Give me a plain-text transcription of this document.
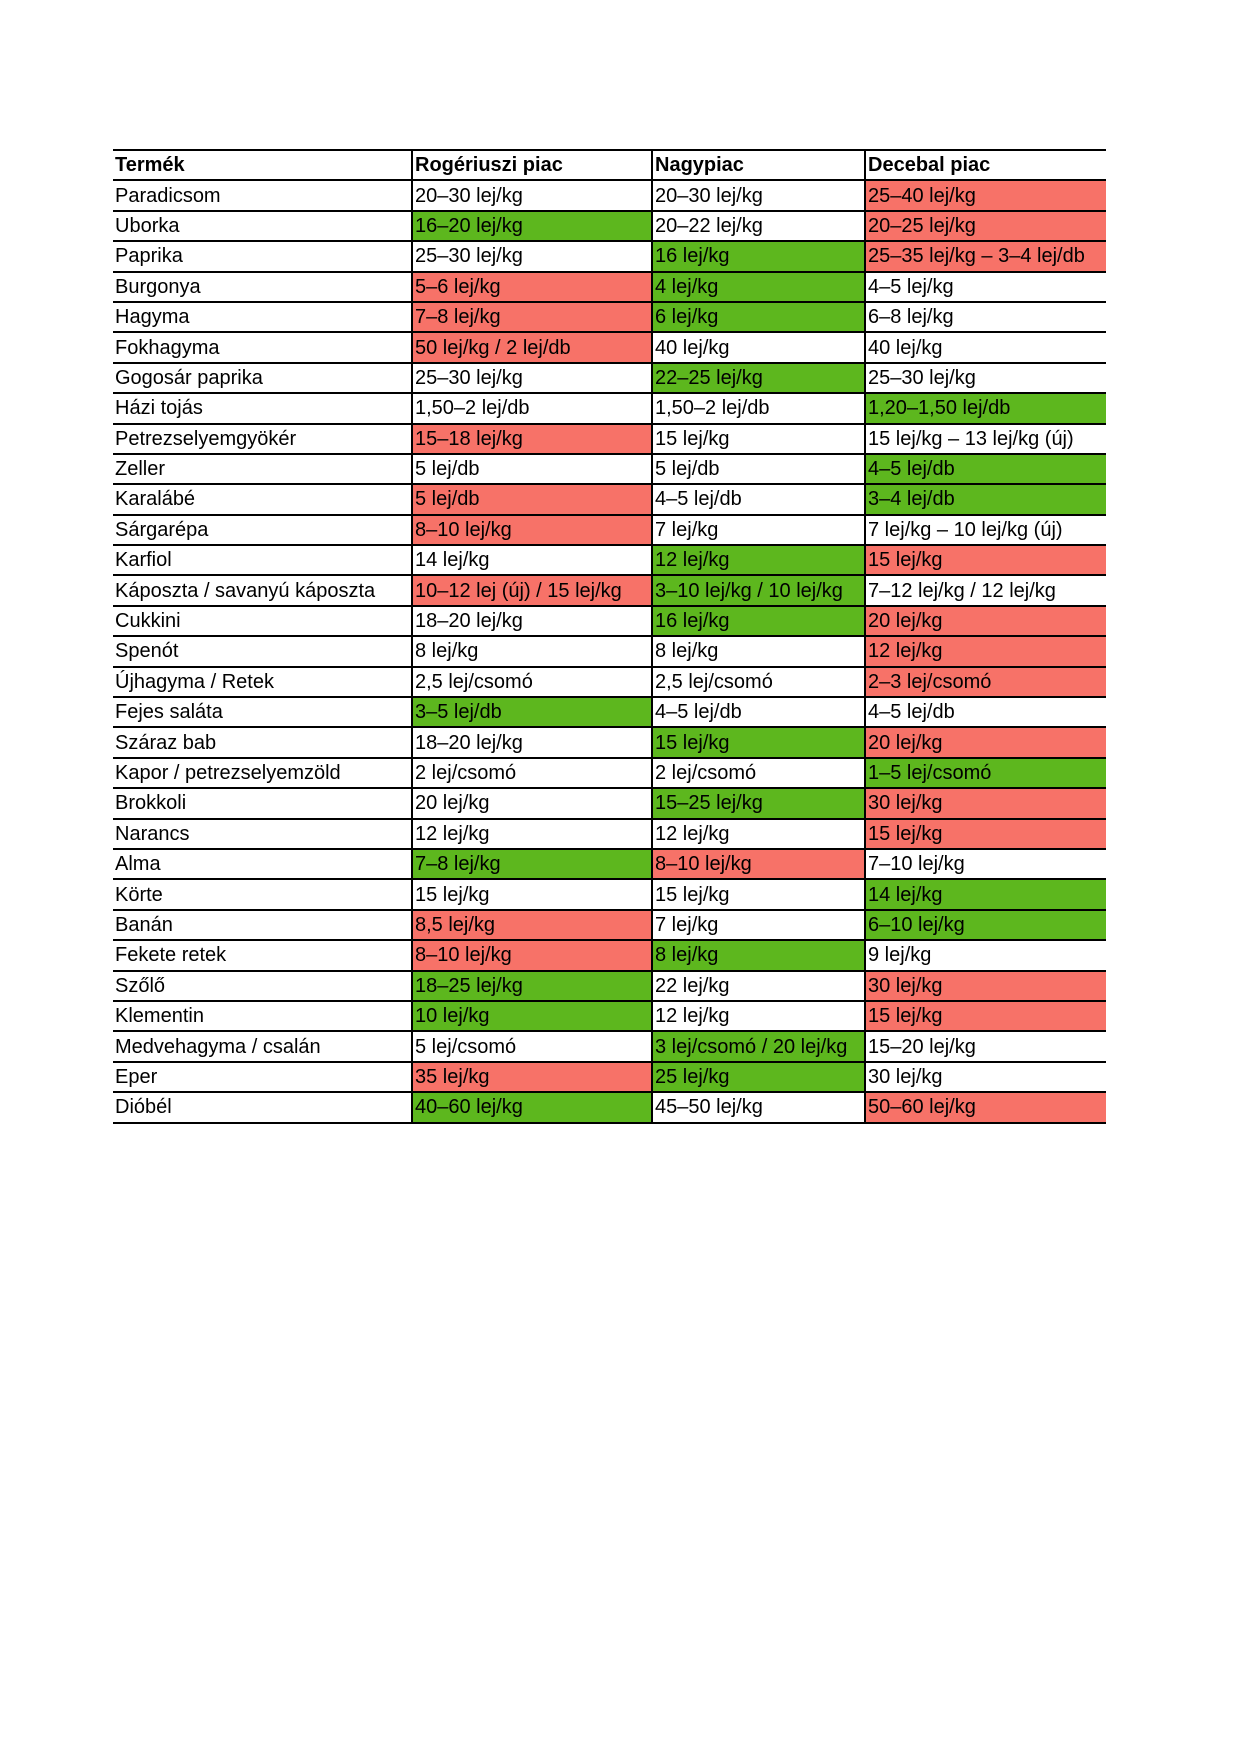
Termék	Rogériuszi piac	Nagypiac	Decebal piac
Paradicsom	20–30 lej/kg	20–30 lej/kg	25–40 lej/kg
Uborka	16–20 lej/kg	20–22 lej/kg	20–25 lej/kg
Paprika	25–30 lej/kg	16 lej/kg	25–35 lej/kg – 3–4 lej/db
Burgonya	5–6 lej/kg	4 lej/kg	4–5 lej/kg
Hagyma	7–8 lej/kg	6 lej/kg	6–8 lej/kg
Fokhagyma	50 lej/kg / 2 lej/db	40 lej/kg	40 lej/kg
Gogosár paprika	25–30 lej/kg	22–25 lej/kg	25–30 lej/kg
Házi tojás	1,50–2 lej/db	1,50–2 lej/db	1,20–1,50 lej/db
Petrezselyemgyökér	15–18 lej/kg	15 lej/kg	15 lej/kg – 13 lej/kg (új)
Zeller	5 lej/db	5 lej/db	4–5 lej/db
Karalábé	5 lej/db	4–5 lej/db	3–4 lej/db
Sárgarépa	8–10 lej/kg	7 lej/kg	7 lej/kg – 10 lej/kg (új)
Karfiol	14 lej/kg	12 lej/kg	15 lej/kg
Káposzta / savanyú káposzta	10–12 lej (új) / 15 lej/kg	3–10 lej/kg / 10 lej/kg	7–12 lej/kg / 12 lej/kg
Cukkini	18–20 lej/kg	16 lej/kg	20 lej/kg
Spenót	8 lej/kg	8 lej/kg	12 lej/kg
Újhagyma / Retek	2,5 lej/csomó	2,5 lej/csomó	2–3 lej/csomó
Fejes saláta	3–5 lej/db	4–5 lej/db	4–5 lej/db
Száraz bab	18–20 lej/kg	15 lej/kg	20 lej/kg
Kapor / petrezselyemzöld	2 lej/csomó	2 lej/csomó	1–5 lej/csomó
Brokkoli	20 lej/kg	15–25 lej/kg	30 lej/kg
Narancs	12 lej/kg	12 lej/kg	15 lej/kg
Alma	7–8 lej/kg	8–10 lej/kg	7–10 lej/kg
Körte	15 lej/kg	15 lej/kg	14 lej/kg
Banán	8,5 lej/kg	7 lej/kg	6–10 lej/kg
Fekete retek	8–10 lej/kg	8 lej/kg	9 lej/kg
Szőlő	18–25 lej/kg	22 lej/kg	30 lej/kg
Klementin	10 lej/kg	12 lej/kg	15 lej/kg
Medvehagyma / csalán	5 lej/csomó	3 lej/csomó / 20 lej/kg	15–20 lej/kg
Eper	35 lej/kg	25 lej/kg	30 lej/kg
Dióbél	40–60 lej/kg	45–50 lej/kg	50–60 lej/kg
